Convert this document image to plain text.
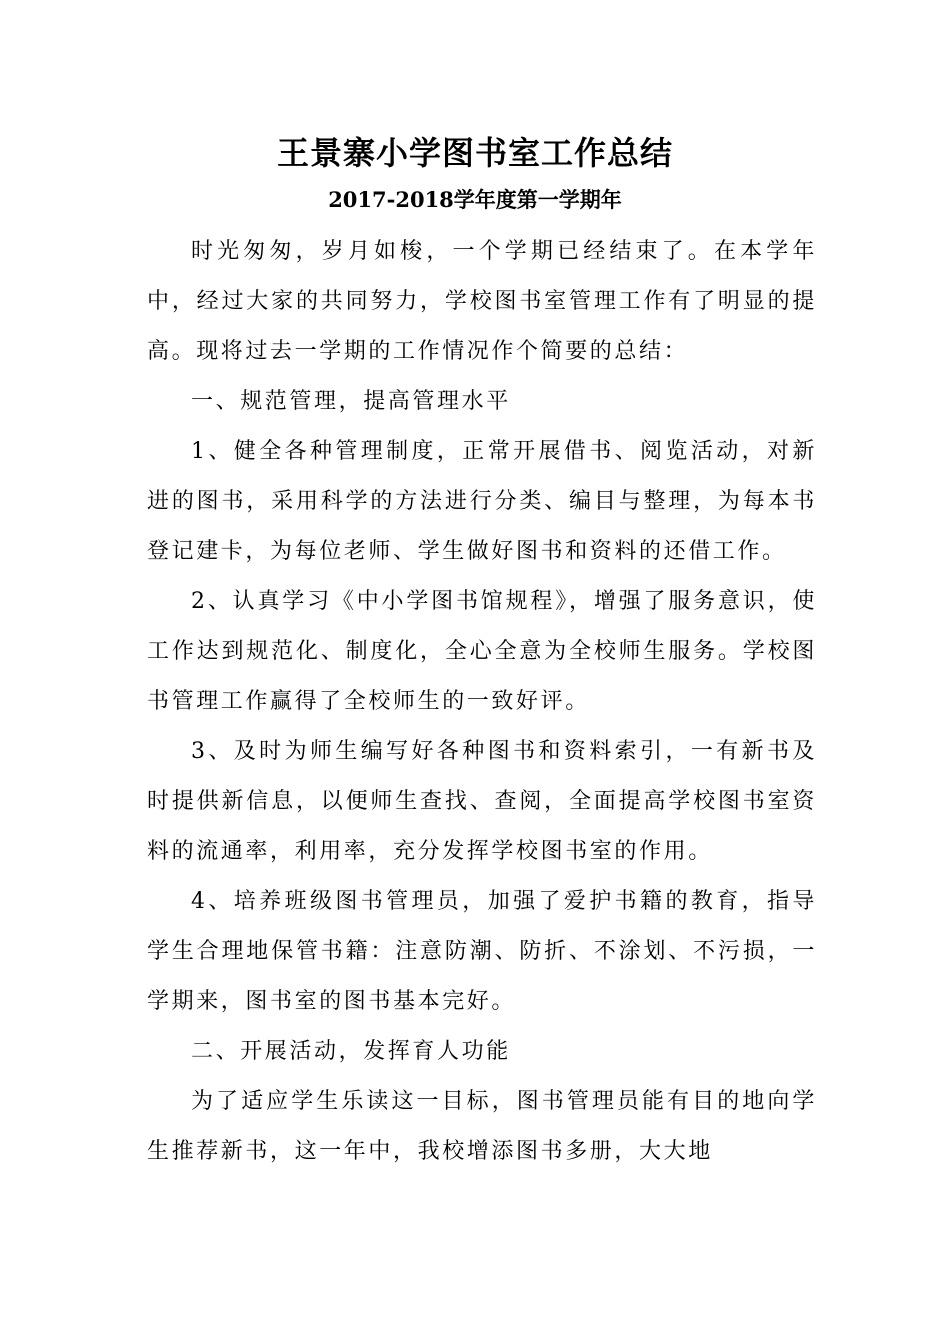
王景寨小学图书室工作总结
2017-2018学年度第一学期年

时光匆匆，岁月如梭，一个学期已经结束了。在本学年中，经过大家的共同努力，学校图书室管理工作有了明显的提高。现将过去一学期的工作情况作个简要的总结：

一、规范管理，提高管理水平

1、健全各种管理制度，正常开展借书、阅览活动，对新进的图书，采用科学的方法进行分类、编目与整理，为每本书登记建卡，为每位老师、学生做好图书和资料的还借工作。

2、认真学习《中小学图书馆规程》，增强了服务意识，使工作达到规范化、制度化，全心全意为全校师生服务。学校图书管理工作赢得了全校师生的一致好评。

3、及时为师生编写好各种图书和资料索引，一有新书及时提供新信息，以便师生查找、查阅，全面提高学校图书室资料的流通率，利用率，充分发挥学校图书室的作用。

4、培养班级图书管理员，加强了爱护书籍的教育，指导学生合理地保管书籍：注意防潮、防折、不涂划、不污损，一学期来，图书室的图书基本完好。

二、开展活动，发挥育人功能

为了适应学生乐读这一目标，图书管理员能有目的地向学生推荐新书，这一年中，我校增添图书多册，大大地
